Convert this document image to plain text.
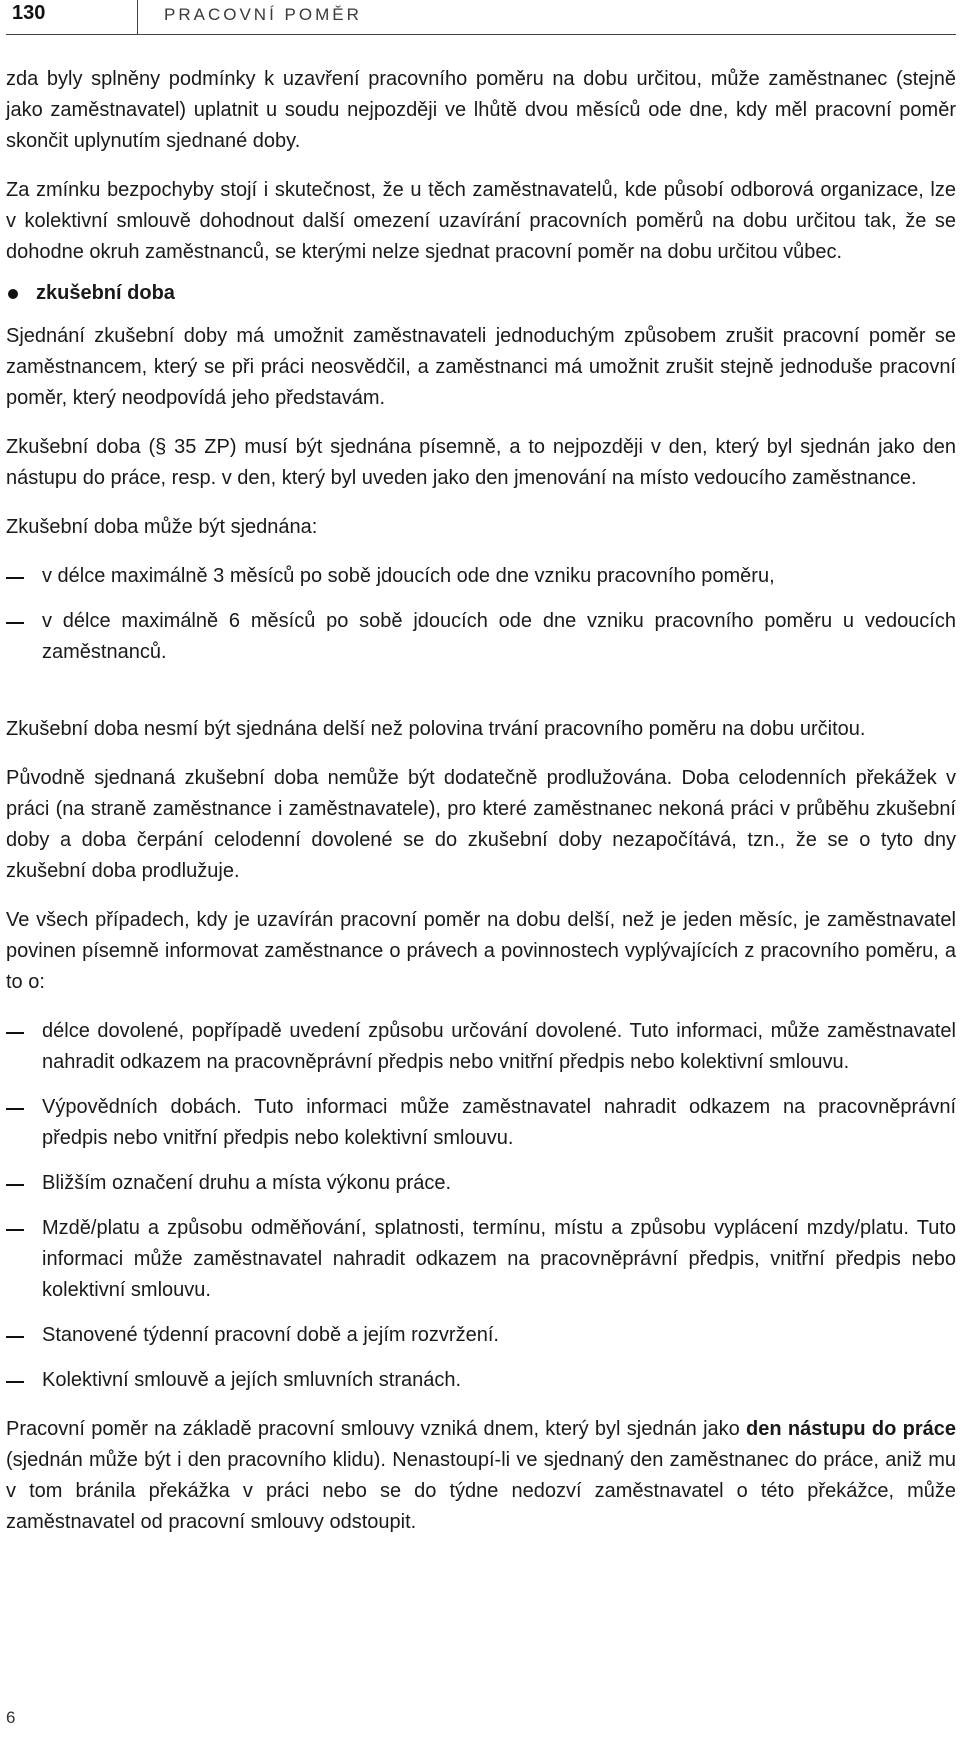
130	PRACOVNÍ POMĚR

zda byly splněny podmínky k uzavření pracovního poměru na dobu určitou, může zaměstnanec (stejně jako zaměstnavatel) uplatnit u soudu nejpozději ve lhůtě dvou měsíců ode dne, kdy měl pracovní poměr skončit uplynutím sjednané doby.

Za zmínku bezpochyby stojí i skutečnost, že u těch zaměstnavatelů, kde působí odborová organizace, lze v kolektivní smlouvě dohodnout další omezení uzavírání pracovních poměrů na dobu určitou tak, že se dohodne okruh zaměstnanců, se kterými nelze sjednat pracovní poměr na dobu určitou vůbec.

zkušební doba

Sjednání zkušební doby má umožnit zaměstnavateli jednoduchým způsobem zrušit pracovní poměr se zaměstnancem, který se při práci neosvědčil, a zaměstnanci má umožnit zrušit stejně jednoduše pracovní poměr, který neodpovídá jeho představám.

Zkušební doba (§ 35 ZP) musí být sjednána písemně, a to nejpozději v den, který byl sjednán jako den nástupu do práce, resp. v den, který byl uveden jako den jmenování na místo vedoucího zaměstnance.

Zkušební doba může být sjednána:

v délce maximálně 3 měsíců po sobě jdoucích ode dne vzniku pracovního poměru,
v délce maximálně 6 měsíců po sobě jdoucích ode dne vzniku pracovního poměru u vedoucích zaměstnanců.

Zkušební doba nesmí být sjednána delší než polovina trvání pracovního poměru na dobu určitou.

Původně sjednaná zkušební doba nemůže být dodatečně prodlužována. Doba celodenních překážek v práci (na straně zaměstnance i zaměstnavatele), pro které zaměstnanec nekoná práci v průběhu zkušební doby a doba čerpání celodenní dovolené se do zkušební doby nezapočítává, tzn., že se o tyto dny zkušební doba prodlužuje.

Ve všech případech, kdy je uzavírán pracovní poměr na dobu delší, než je jeden měsíc, je zaměstnavatel povinen písemně informovat zaměstnance o právech a povinnostech vyplývajících z pracovního poměru, a to o:

délce dovolené, popřípadě uvedení způsobu určování dovolené. Tuto informaci, může zaměstnavatel nahradit odkazem na pracovněprávní předpis nebo vnitřní předpis nebo kolektivní smlouvu.
Výpovědních dobách. Tuto informaci může zaměstnavatel nahradit odkazem na pracovněprávní předpis nebo vnitřní předpis nebo kolektivní smlouvu.
Bližším označení druhu a místa výkonu práce.
Mzdě/platu a způsobu odměňování, splatnosti, termínu, místu a způsobu vyplácení mzdy/platu. Tuto informaci může zaměstnavatel nahradit odkazem na pracovněprávní předpis, vnitřní předpis nebo kolektivní smlouvu.
Stanovené týdenní pracovní době a jejím rozvržení.
Kolektivní smlouvě a jejích smluvních stranách.

Pracovní poměr na základě pracovní smlouvy vzniká dnem, který byl sjednán jako den nástupu do práce (sjednán může být i den pracovního klidu). Nenastoupí-li ve sjednaný den zaměstnanec do práce, aniž mu v tom bránila překážka v práci nebo se do týdne nedozví zaměstnavatel o této překážce, může zaměstnavatel od pracovní smlouvy odstoupit.

6
